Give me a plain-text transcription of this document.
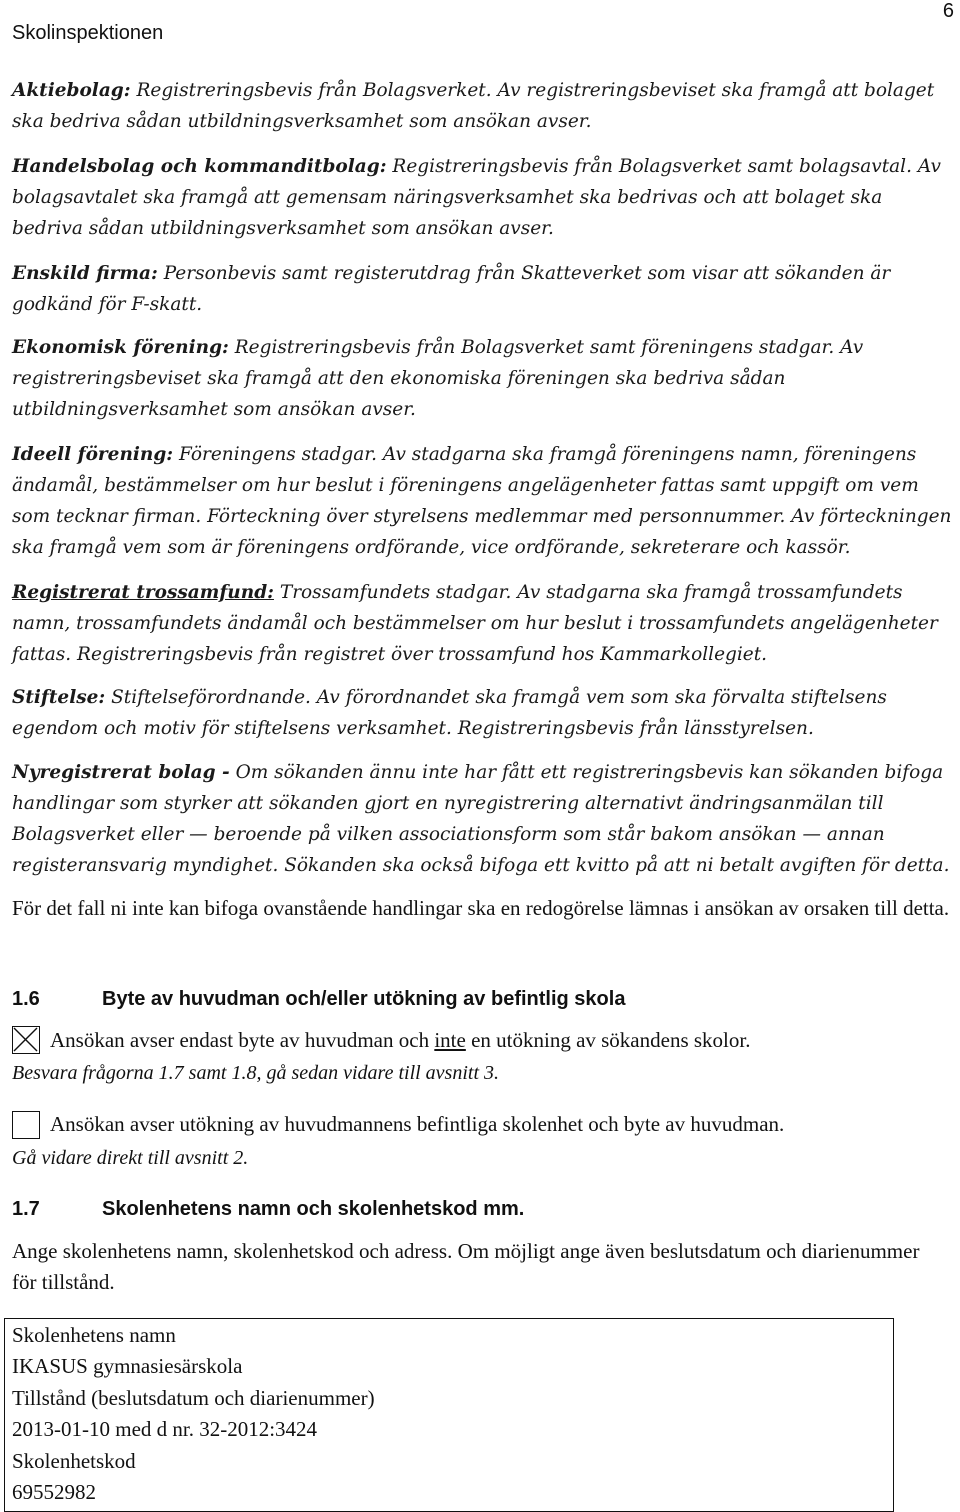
Skolinspektionen
6
Aktiebolag: Registreringsbevis från Bolagsverket. Av registreringsbeviset ska framgå att bolaget ska bedriva sådan utbildningsverksamhet som ansökan avser.
Handelsbolag och kommanditbolag: Registreringsbevis från Bolagsverket samt bolagsavtal. Av bolagsavtalet ska framgå att gemensam näringsverksamhet ska bedrivas och att bolaget ska bedriva sådan utbildningsverksamhet som ansökan avser.
Enskild firma: Personbevis samt registerutdrag från Skatteverket som visar att sökanden är godkänd för F-skatt.
Ekonomisk förening: Registreringsbevis från Bolagsverket samt föreningens stadgar. Av registreringsbeviset ska framgå att den ekonomiska föreningen ska bedriva sådan utbildningsverksamhet som ansökan avser.
Ideell förening: Föreningens stadgar. Av stadgarna ska framgå föreningens namn, föreningens ändamål, bestämmelser om hur beslut i föreningens angelägenheter fattas samt uppgift om vem som tecknar firman. Förteckning över styrelsens medlemmar med personnummer. Av förteckningen ska framgå vem som är föreningens ordförande, vice ordförande, sekreterare och kassör.
Registrerat trossamfund: Trossamfundets stadgar. Av stadgarna ska framgå trossamfundets namn, trossamfundets ändamål och bestämmelser om hur beslut i trossamfundets angelägenheter fattas. Registreringsbevis från registret över trossamfund hos Kammarkollegiet.
Stiftelse: Stiftelseförordnande. Av förordnandet ska framgå vem som ska förvalta stiftelsens egendom och motiv för stiftelsens verksamhet. Registreringsbevis från länsstyrelsen.
Nyregistrerat bolag - Om sökanden ännu inte har fått ett registreringsbevis kan sökanden bifoga handlingar som styrker att sökanden gjort en nyregistrering alternativt ändringsanmälan till Bolagsverket eller — beroende på vilken associationsform som står bakom ansökan — annan registeransvarig myndighet. Sökanden ska också bifoga ett kvitto på att ni betalt avgiften för detta.
För det fall ni inte kan bifoga ovanstående handlingar ska en redogörelse lämnas i ansökan av orsaken till detta.
1.6	Byte av huvudman och/eller utökning av befintlig skola
Ansökan avser endast byte av huvudman och inte en utökning av sökandens skolor.
Besvara frågorna 1.7 samt 1.8, gå sedan vidare till avsnitt 3.
Ansökan avser utökning av huvudmannens befintliga skolenhet och byte av huvudman.
Gå vidare direkt till avsnitt 2.
1.7	Skolenhetens namn och skolenhetskod mm.
Ange skolenhetens namn, skolenhetskod och adress. Om möjligt ange även beslutsdatum och diarienummer för tillstånd.
Skolenhetens namn
IKASUS gymnasiesärskola
Tillstånd (beslutsdatum och diarienummer)
2013-01-10 med d nr. 32-2012:3424
Skolenhetskod
69552982
